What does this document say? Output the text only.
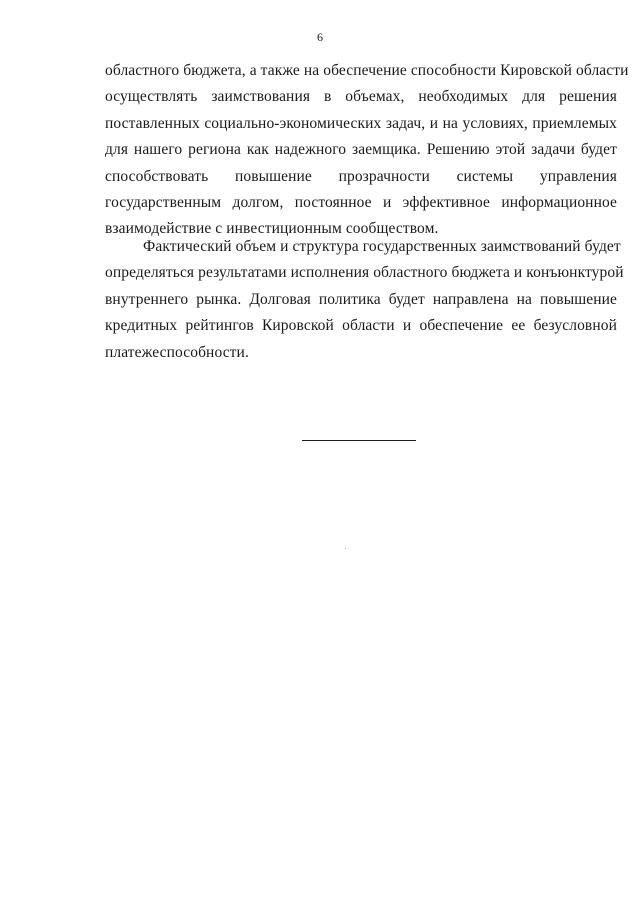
6
областного бюджета, а также на обеспечение способности Кировской области
осуществлять заимствования в объемах, необходимых для решения
поставленных социально-экономических задач, и на условиях, приемлемых
для нашего региона как надежного заемщика. Решению этой задачи будет
способствовать повышение прозрачности системы управления
государственным долгом, постоянное и эффективное информационное
взаимодействие с инвестиционным сообществом.
Фактический объем и структура государственных заимствований будет
определяться результатами исполнения областного бюджета и конъюнктурой
внутреннего рынка. Долговая политика будет направлена на повышение
кредитных рейтингов Кировской области и обеспечение ее безусловной
платежеспособности.
